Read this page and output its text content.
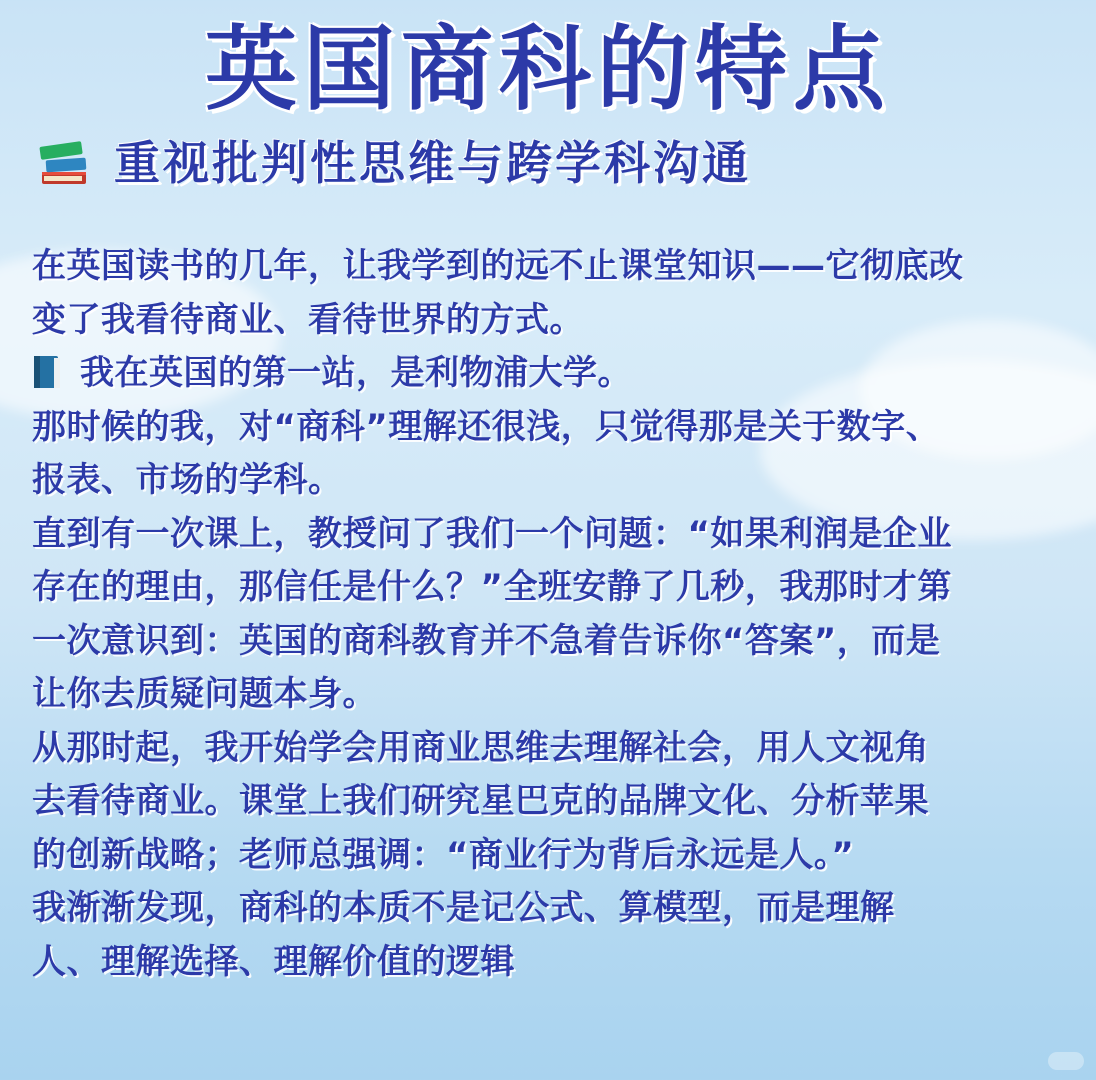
英国商科的特点
重视批判性思维与跨学科沟通
在英国读书的几年，让我学到的远不止课堂知识——它彻底改
变了我看待商业、看待世界的方式。
我在英国的第一站，是利物浦大学。
那时候的我，对“商科”理解还很浅，只觉得那是关于数字、
报表、市场的学科。
直到有一次课上，教授问了我们一个问题：“如果利润是企业
存在的理由，那信任是什么？”全班安静了几秒，我那时才第
一次意识到：英国的商科教育并不急着告诉你“答案”，而是
让你去质疑问题本身。
从那时起，我开始学会用商业思维去理解社会，用人文视角
去看待商业。课堂上我们研究星巴克的品牌文化、分析苹果
的创新战略；老师总强调：“商业行为背后永远是人。”
我渐渐发现，商科的本质不是记公式、算模型，而是理解
人、理解选择、理解价值的逻辑
